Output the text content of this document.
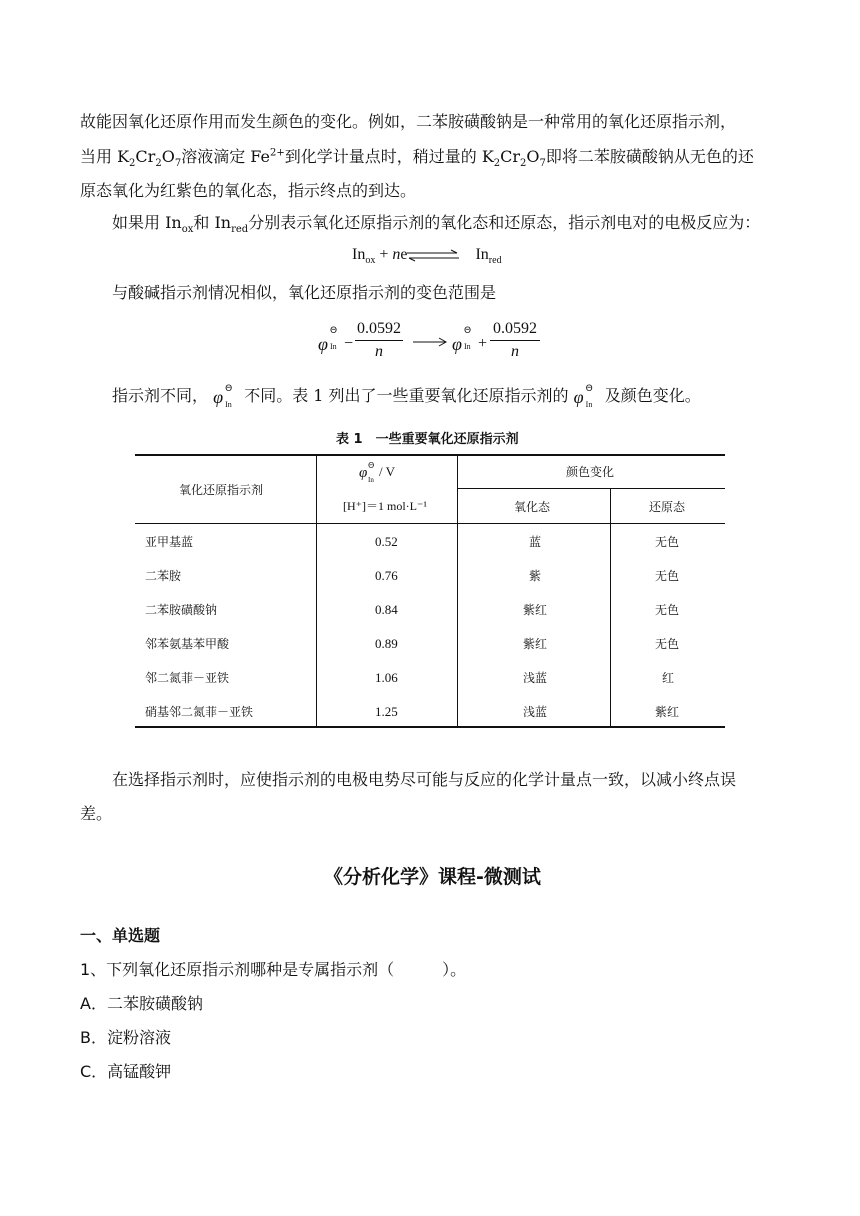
故能因氧化还原作用而发生颜色的变化。例如，二苯胺磺酸钠是一种常用的氧化还原指示剂，
当用 $K_2Cr_2O_7$溶液滴定 $Fe^{2+}$到化学计量点时，稍过量的 $K_2Cr_2O_7$即将二苯胺磺酸钠从无色的还
原态氧化为红紫色的氧化态，指示终点的到达。
如果用 $In_{ox}$和 $In_{red}$分别表示氧化还原指示剂的氧化态和还原态，指示剂电对的电极反应为：
$In_{ox}$ + ne	$In_{red}$
与酸碱指示剂情况相似，氧化还原指示剂的变色范围是
φ
Θ
In −
0.0592
n	φ
Θ
In +
0.0592
n
指示剂不同， φ Θ
In 不同。表 1 列出了一些重要氧化还原指示剂的 φ Θ
In 及颜色变化。
表 1　一些重要氧化还原指示剂
氧化还原指示剂
φ Θ
In
/ V
[H⁺]＝1 mol·L⁻¹
颜色变化
氧化态	还原态
亚甲基蓝	0.52	蓝	无色
二苯胺	0.76	紫	无色
二苯胺磺酸钠	0.84	紫红	无色
邻苯氨基苯甲酸	0.89	紫红	无色
邻二氮菲－亚铁	1.06	浅蓝	红
硝基邻二氮菲－亚铁	1.25	浅蓝	紫红
在选择指示剂时，应使指示剂的电极电势尽可能与反应的化学计量点一致，以减小终点误
差。
《分析化学》课程-微测试
一、单选题
1、下列氧化还原指示剂哪种是专属指示剂（　　　）。
A．二苯胺磺酸钠
B．淀粉溶液
C．高锰酸钾
